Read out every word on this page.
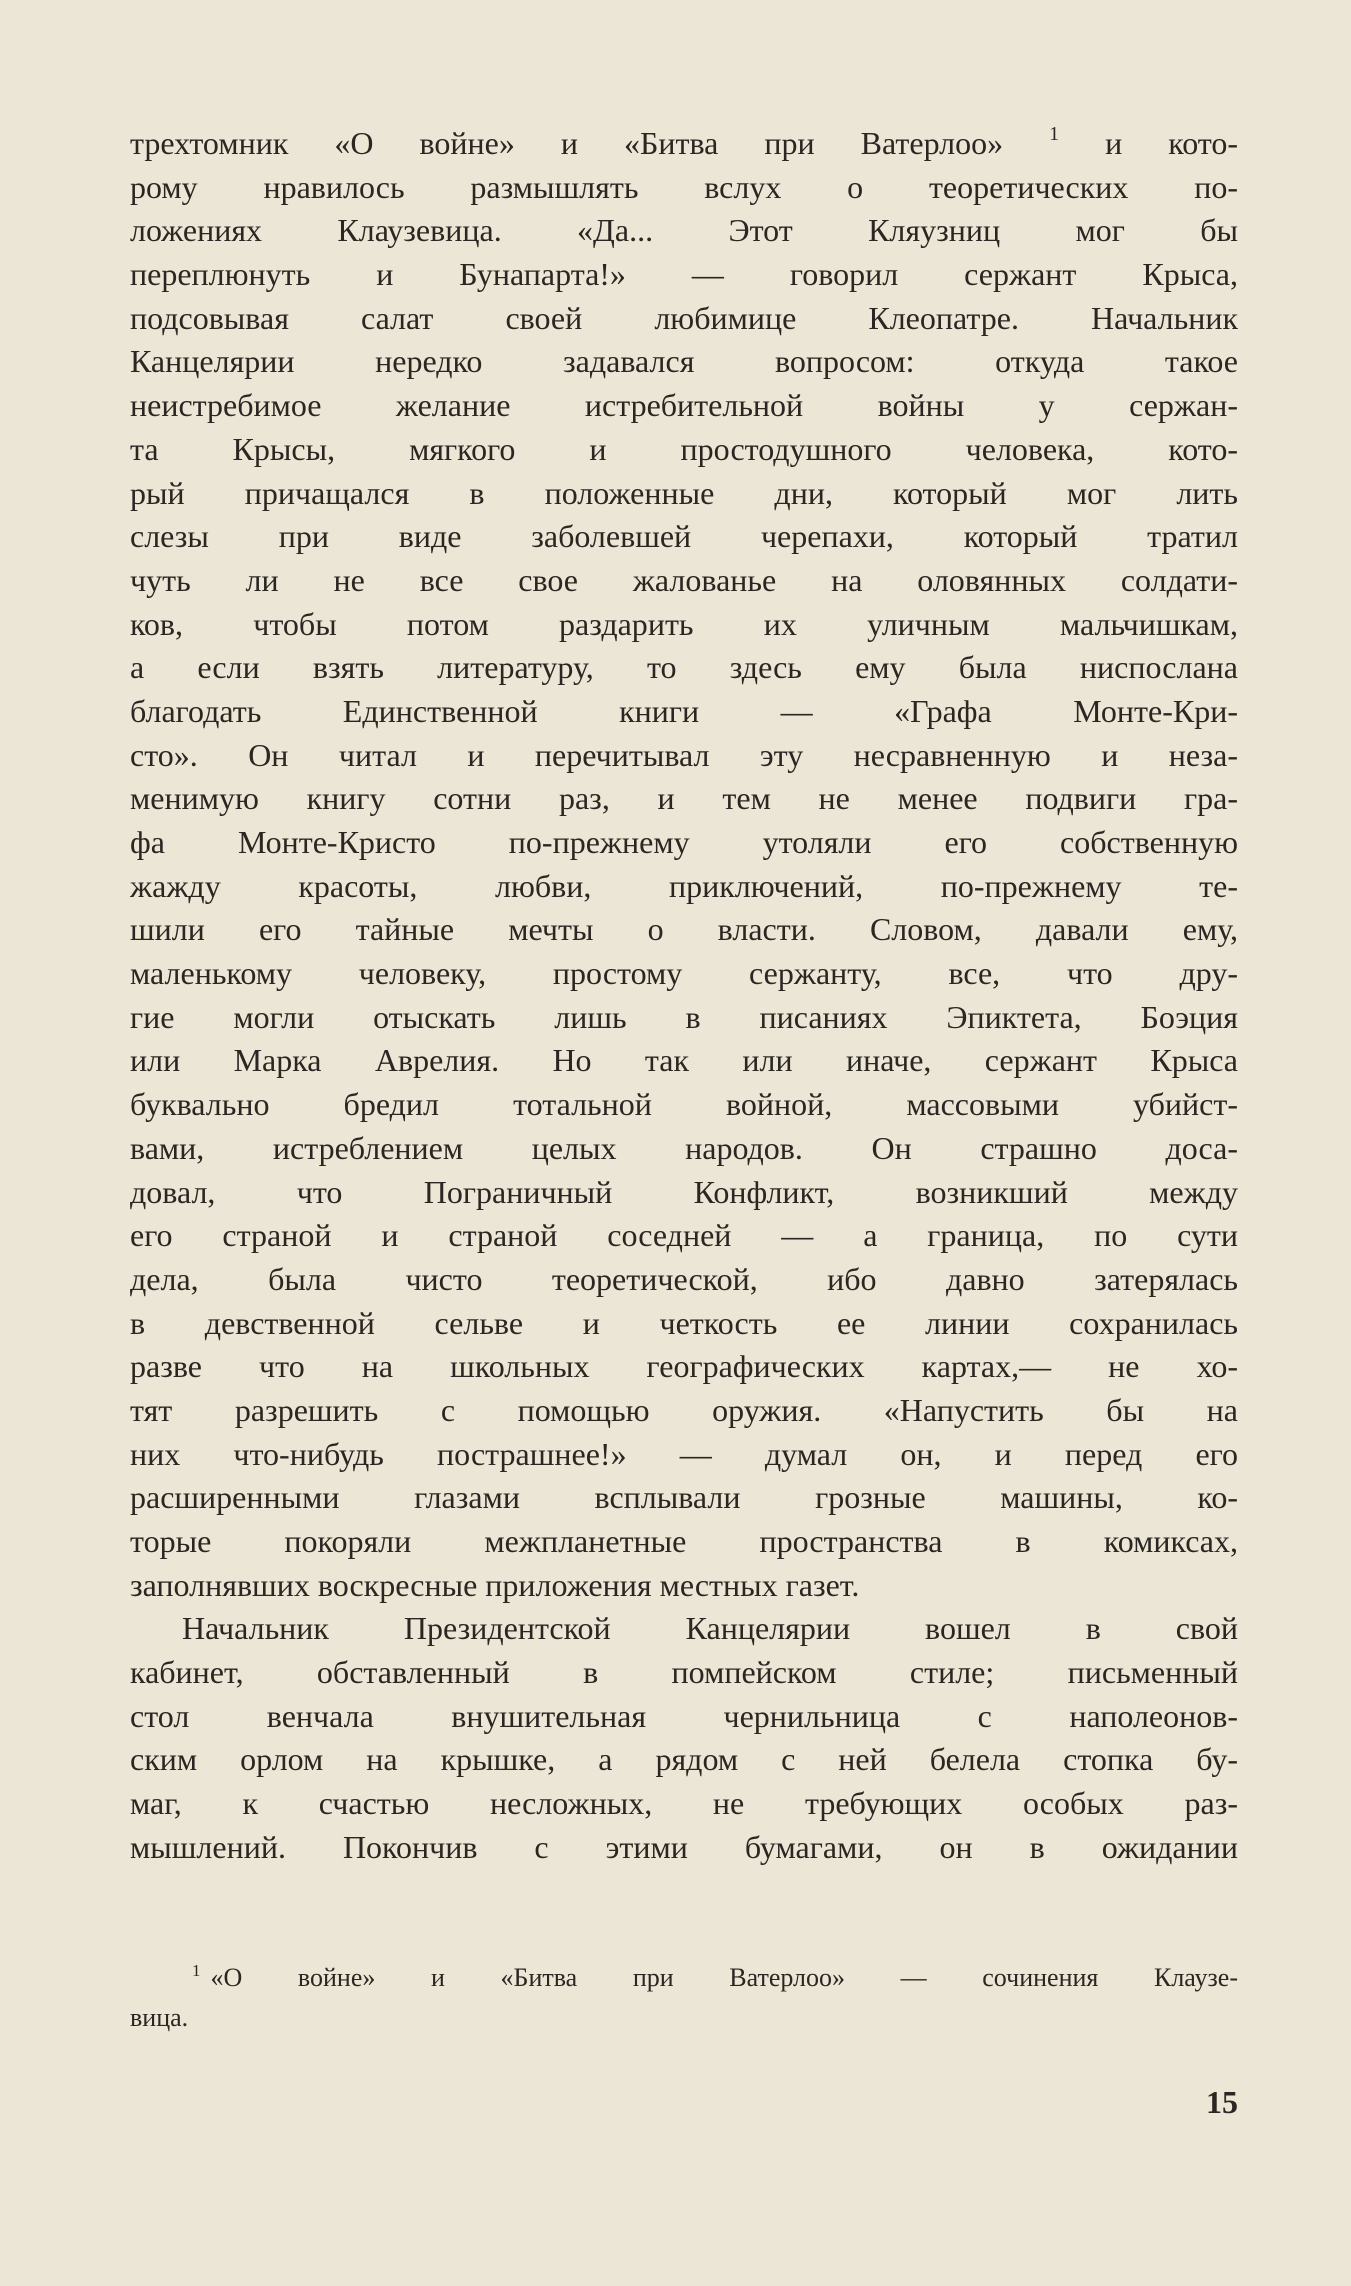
трехтомник «О войне» и «Битва при Ватерлоо» $^1$ и кото-
рому нравилось размышлять вслух о теоретических по-
ложениях Клаузевица. «Да... Этот Кляузниц мог бы
переплюнуть и Бунапарта!» — говорил сержант Крыса,
подсовывая салат своей любимице Клеопатре. Начальник
Канцелярии нередко задавался вопросом: откуда такое
неистребимое желание истребительной войны у сержан-
та Крысы, мягкого и простодушного человека, кото-
рый причащался в положенные дни, который мог лить
слезы при виде заболевшей черепахи, который тратил
чуть ли не все свое жалованье на оловянных солдати-
ков, чтобы потом раздарить их уличным мальчишкам,
а если взять литературу, то здесь ему была ниспослана
благодать Единственной книги — «Графа Монте-Кри-
сто». Он читал и перечитывал эту несравненную и неза-
менимую книгу сотни раз, и тем не менее подвиги гра-
фа Монте-Кристо по-прежнему утоляли его собственную
жажду красоты, любви, приключений, по-прежнему те-
шили его тайные мечты о власти. Словом, давали ему,
маленькому человеку, простому сержанту, все, что дру-
гие могли отыскать лишь в писаниях Эпиктета, Боэция
или Марка Аврелия. Но так или иначе, сержант Крыса
буквально бредил тотальной войной, массовыми убийст-
вами, истреблением целых народов. Он страшно доса-
довал, что Пограничный Конфликт, возникший между
его страной и страной соседней — а граница, по сути
дела, была чисто теоретической, ибо давно затерялась
в девственной сельве и четкость ее линии сохранилась
разве что на школьных географических картах,— не хо-
тят разрешить с помощью оружия. «Напустить бы на
них что-нибудь пострашнее!» — думал он, и перед его
расширенными глазами всплывали грозные машины, ко-
торые покоряли межпланетные пространства в комиксах,
заполнявших воскресные приложения местных газет.
Начальник Президентской Канцелярии вошел в свой
кабинет, обставленный в помпейском стиле; письменный
стол венчала внушительная чернильница с наполеонов-
ским орлом на крышке, а рядом с ней белела стопка бу-
маг, к счастью несложных, не требующих особых раз-
мышлений. Покончив с этими бумагами, он в ожидании
$^1$ «О войне» и «Битва при Ватерлоо» — сочинения Клаузе-
вица.
15
